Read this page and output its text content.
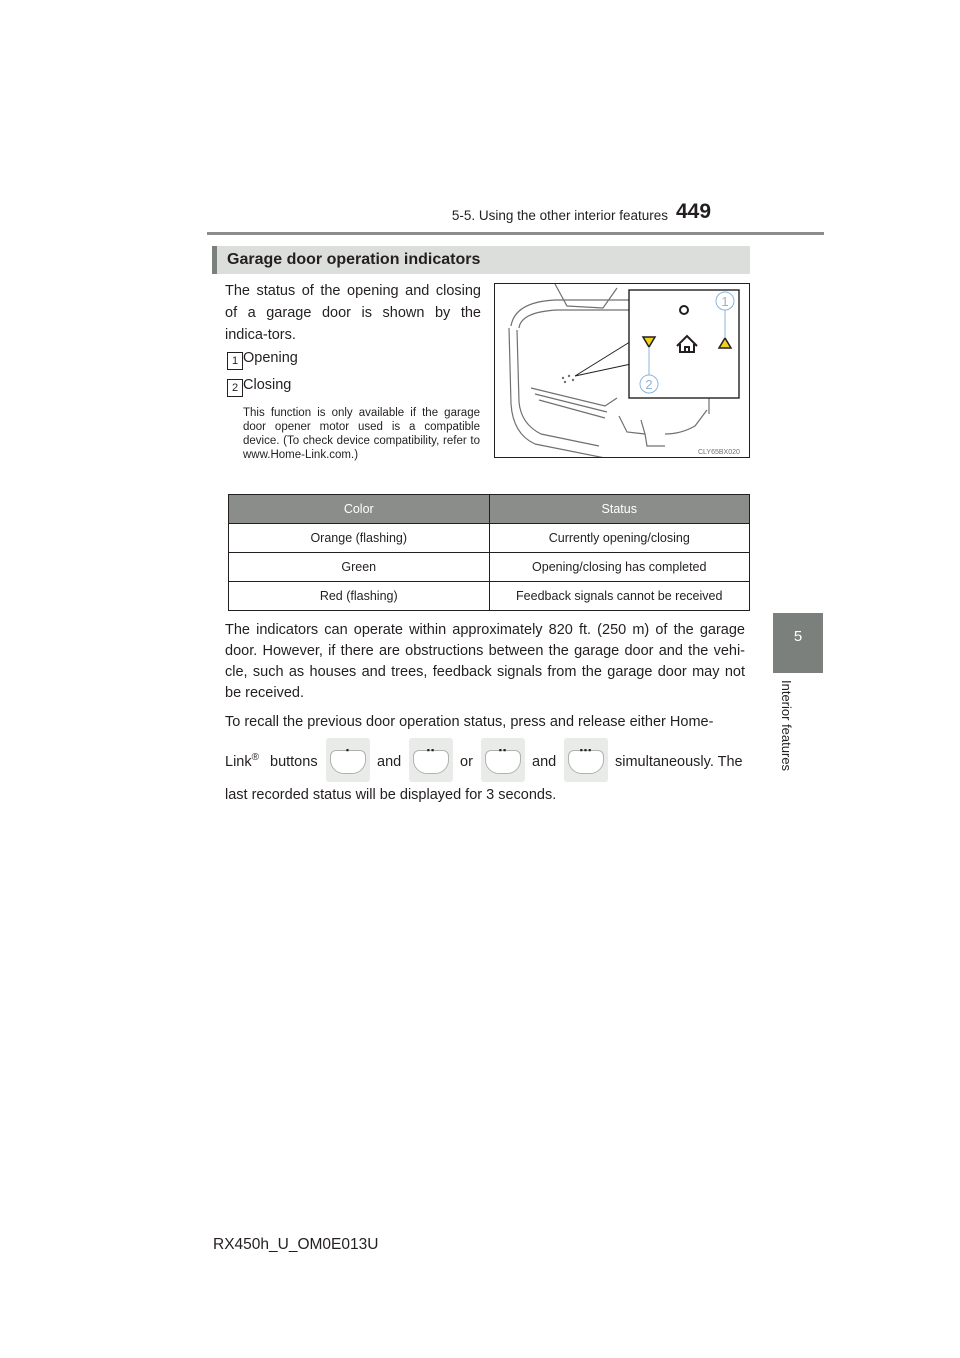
5-5. Using the other interior features 449
5
Interior features
Garage door operation indicators
The status of the opening and closing of a garage door is shown by the indica-tors.
1 Opening
2 Closing
This function is only available if the garage door opener motor used is a compatible device. (To check device compatibility, refer to www.Home-Link.com.)
1
2
CLY65BX020
Color	Status
Orange (flashing)	Currently opening/closing
Green	Opening/closing has completed
Red (flashing)	Feedback signals cannot be received
The indicators can operate within approximately 820 ft. (250 m) of the garage door. However, if there are obstructions between the garage door and the vehi-cle, such as houses and trees, feedback signals from the garage door may not be received.
To recall the previous door operation status, press and release either Home-
Link® buttons
▪
and
▪▪
or
▪▪
and
▪▪▪
simultaneously. The
last recorded status will be displayed for 3 seconds.
RX450h_U_OM0E013U
